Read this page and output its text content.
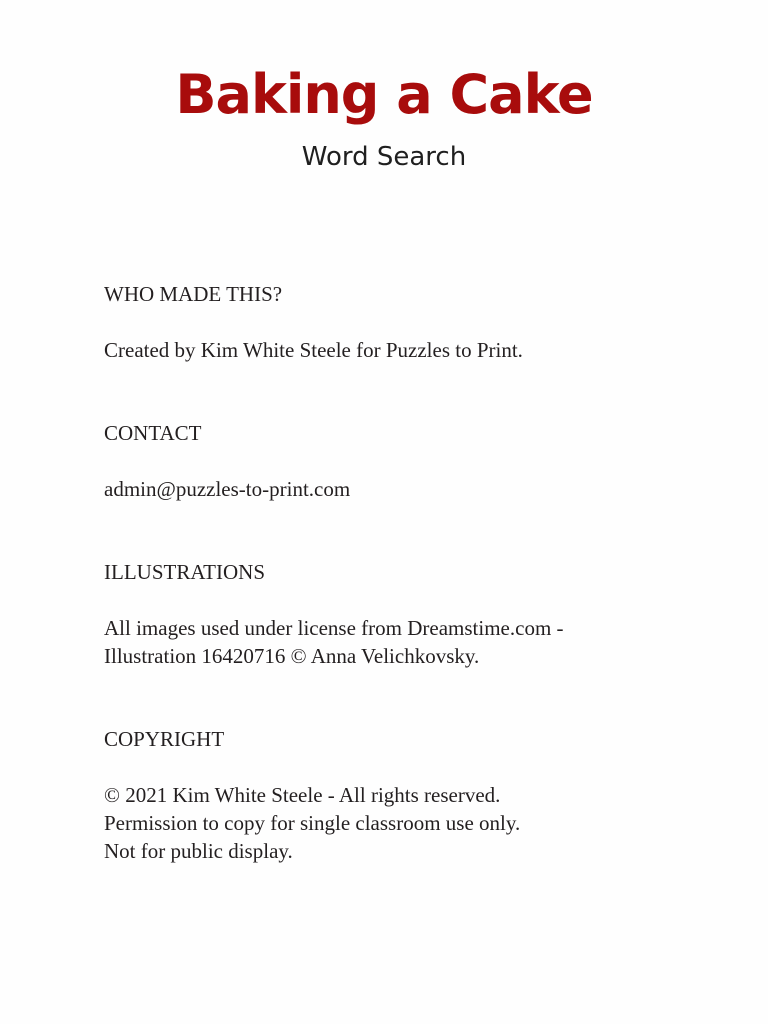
Baking a Cake
Word Search

WHO MADE THIS?

Created by Kim White Steele for Puzzles to Print.

CONTACT

admin@puzzles-to-print.com

ILLUSTRATIONS

All images used under license from Dreamstime.com -

Illustration 16420716 © Anna Velichkovsky.

COPYRIGHT

© 2021 Kim White Steele - All rights reserved.

Permission to copy for single classroom use only.

Not for public display.
